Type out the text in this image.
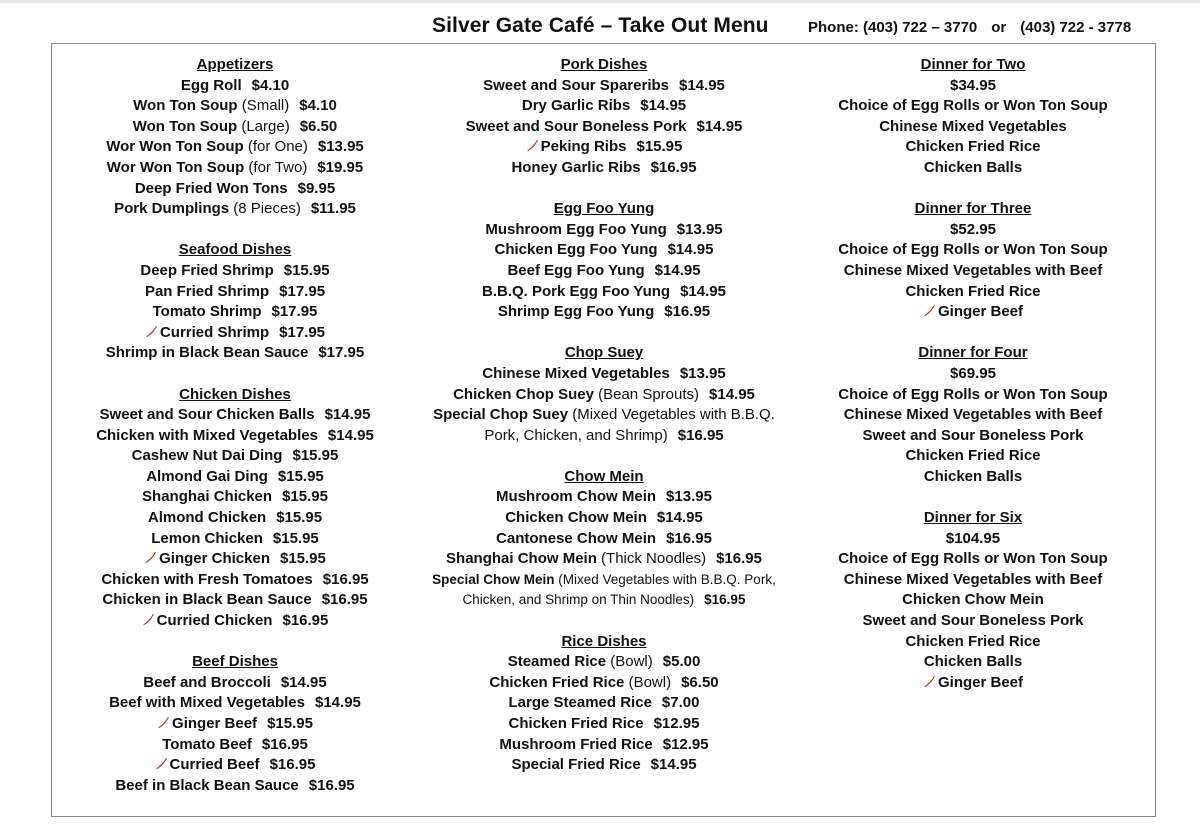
Silver Gate Café – Take Out Menu	Phone: (403) 722 – 3770 or (403) 722 - 3778
Appetizers
Egg Roll $4.10
Won Ton Soup (Small) $4.10
Won Ton Soup (Large) $6.50
Wor Won Ton Soup (for One) $13.95
Wor Won Ton Soup (for Two) $19.95
Deep Fried Won Tons $9.95
Pork Dumplings (8 Pieces) $11.95
Seafood Dishes
Deep Fried Shrimp $15.95
Pan Fried Shrimp $17.95
Tomato Shrimp $17.95
Curried Shrimp $17.95
Shrimp in Black Bean Sauce $17.95
Chicken Dishes
Sweet and Sour Chicken Balls $14.95
Chicken with Mixed Vegetables $14.95
Cashew Nut Dai Ding $15.95
Almond Gai Ding $15.95
Shanghai Chicken $15.95
Almond Chicken $15.95
Lemon Chicken $15.95
Ginger Chicken $15.95
Chicken with Fresh Tomatoes $16.95
Chicken in Black Bean Sauce $16.95
Curried Chicken $16.95
Beef Dishes
Beef and Broccoli $14.95
Beef with Mixed Vegetables $14.95
Ginger Beef $15.95
Tomato Beef $16.95
Curried Beef $16.95
Beef in Black Bean Sauce $16.95
Pork Dishes
Sweet and Sour Spareribs $14.95
Dry Garlic Ribs $14.95
Sweet and Sour Boneless Pork $14.95
Peking Ribs $15.95
Honey Garlic Ribs $16.95
Egg Foo Yung
Mushroom Egg Foo Yung $13.95
Chicken Egg Foo Yung $14.95
Beef Egg Foo Yung $14.95
B.B.Q. Pork Egg Foo Yung $14.95
Shrimp Egg Foo Yung $16.95
Chop Suey
Chinese Mixed Vegetables $13.95
Chicken Chop Suey (Bean Sprouts) $14.95
Special Chop Suey (Mixed Vegetables with B.B.Q. Pork, Chicken, and Shrimp) $16.95
Chow Mein
Mushroom Chow Mein $13.95
Chicken Chow Mein $14.95
Cantonese Chow Mein $16.95
Shanghai Chow Mein (Thick Noodles) $16.95
Special Chow Mein (Mixed Vegetables with B.B.Q. Pork, Chicken, and Shrimp on Thin Noodles) $16.95
Rice Dishes
Steamed Rice (Bowl) $5.00
Chicken Fried Rice (Bowl) $6.50
Large Steamed Rice $7.00
Chicken Fried Rice $12.95
Mushroom Fried Rice $12.95
Special Fried Rice $14.95
Dinner for Two
$34.95
Choice of Egg Rolls or Won Ton Soup
Chinese Mixed Vegetables
Chicken Fried Rice
Chicken Balls
Dinner for Three
$52.95
Choice of Egg Rolls or Won Ton Soup
Chinese Mixed Vegetables with Beef
Chicken Fried Rice
Ginger Beef
Dinner for Four
$69.95
Choice of Egg Rolls or Won Ton Soup
Chinese Mixed Vegetables with Beef
Sweet and Sour Boneless Pork
Chicken Fried Rice
Chicken Balls
Dinner for Six
$104.95
Choice of Egg Rolls or Won Ton Soup
Chinese Mixed Vegetables with Beef
Chicken Chow Mein
Sweet and Sour Boneless Pork
Chicken Fried Rice
Chicken Balls
Ginger Beef
